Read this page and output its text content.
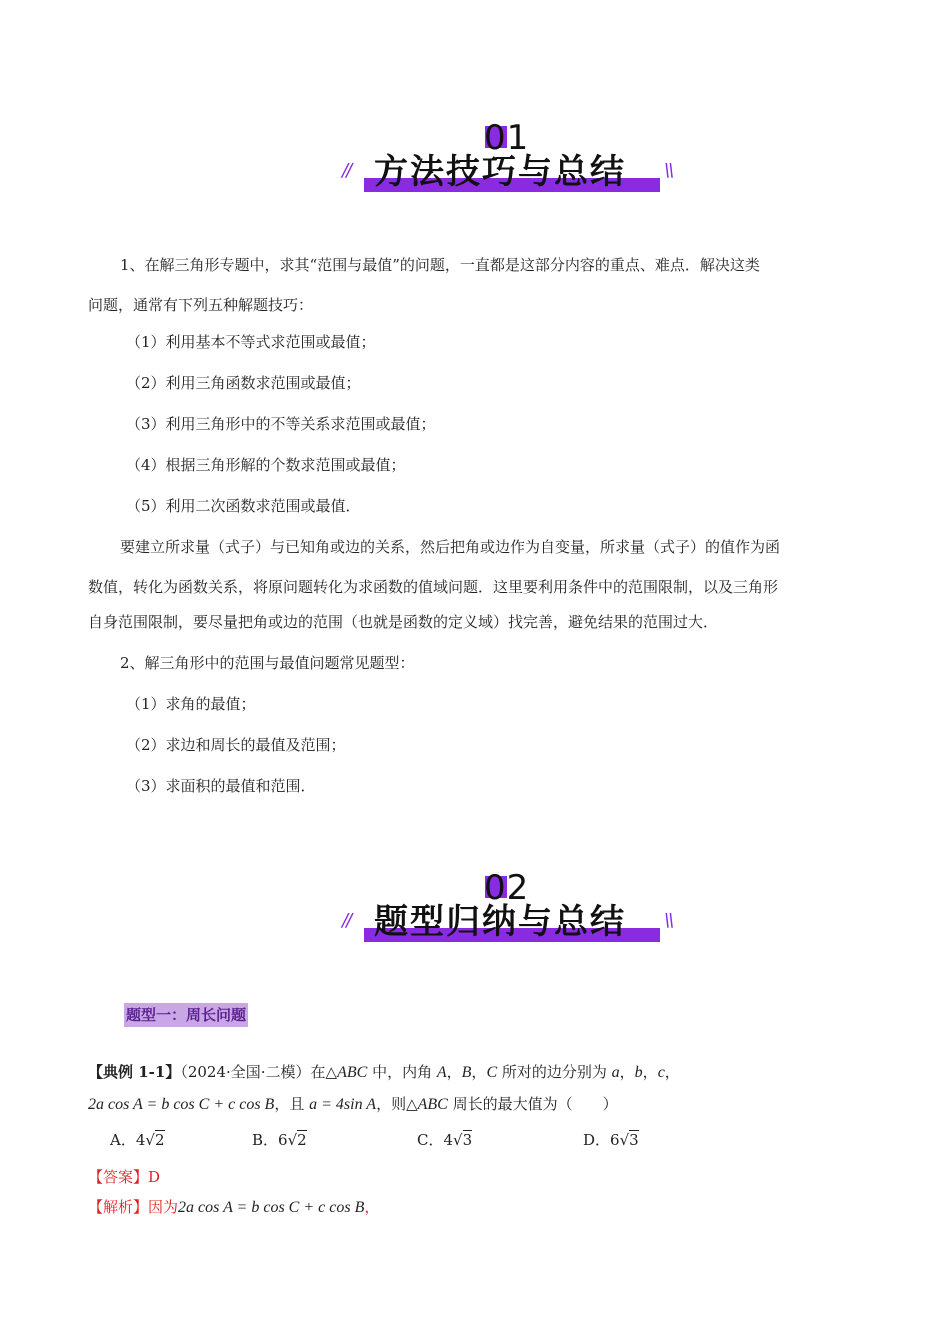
01
方法技巧与总结
//	\\
1、在解三角形专题中，求其“范围与最值”的问题，一直都是这部分内容的重点、难点．解决这类
问题，通常有下列五种解题技巧：
（1）利用基本不等式求范围或最值；
（2）利用三角函数求范围或最值；
（3）利用三角形中的不等关系求范围或最值；
（4）根据三角形解的个数求范围或最值；
（5）利用二次函数求范围或最值．
要建立所求量（式子）与已知角或边的关系，然后把角或边作为自变量，所求量（式子）的值作为函
数值，转化为函数关系，将原问题转化为求函数的值域问题．这里要利用条件中的范围限制，以及三角形
自身范围限制，要尽量把角或边的范围（也就是函数的定义域）找完善，避免结果的范围过大．
2、解三角形中的范围与最值问题常见题型：
（1）求角的最值；
（2）求边和周长的最值及范围；
（3）求面积的最值和范围．
02
题型归纳与总结
//	\\
题型一：周长问题
【典例 1-1】（2024·全国·二模）在△ABC 中，内角 A，B，C 所对的边分别为 a，b，c，
2a cos A = b cos C + c cos B，且 a = 4sin A，则△ABC 周长的最大值为（　　）
A．4√2	B．6√2	C．4√3	D．6√3
【答案】D
【解析】因为2a cos A = b cos C + c cos B，
